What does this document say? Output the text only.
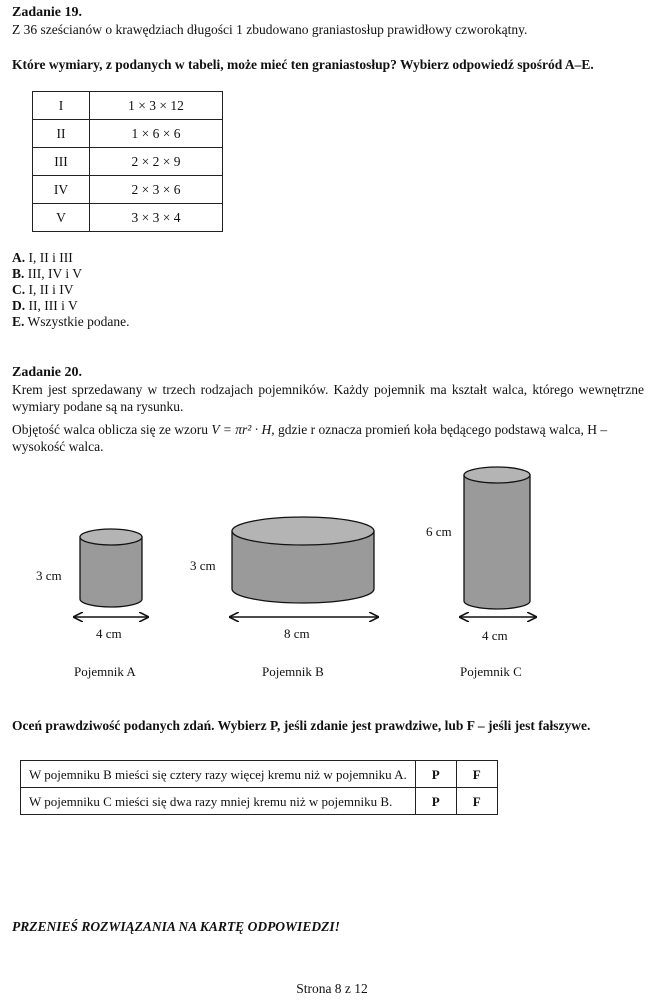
Zadanie 19.

Z 36 sześcianów o krawędziach długości 1 zbudowano graniastosłup prawidłowy czworokątny.

Które wymiary, z podanych w tabeli, może mieć ten graniastosłup? Wybierz odpowiedź spośród A–E.

I	1 × 3 × 12
II	1 × 6 × 6
III	2 × 2 × 9
IV	2 × 3 × 6
V	3 × 3 × 4
A. I, II i III
B. III, IV i V
C. I, II i IV
D. II, III i V
E. Wszystkie podane.

Zadanie 20.

Krem jest sprzedawany w trzech rodzajach pojemników. Każdy pojemnik ma kształt walca, którego wewnętrzne wymiary podane są na rysunku.

Objętość walca oblicza się ze wzoru V = πr² · H, gdzie r oznacza promień koła będącego podstawą walca, H – wysokość walca.

3 cm
3 cm
6 cm
4 cm	8 cm	4 cm
Pojemnik A	Pojemnik B	Pojemnik C

Oceń prawdziwość podanych zdań. Wybierz P, jeśli zdanie jest prawdziwe, lub F – jeśli jest fałszywe.

W pojemniku B mieści się cztery razy więcej kremu niż w pojemniku A.	P	F
W pojemniku C mieści się dwa razy mniej kremu niż w pojemniku B.	P	F
PRZENIEŚ ROZWIĄZANIA NA KARTĘ ODPOWIEDZI!
Strona 8 z 12
